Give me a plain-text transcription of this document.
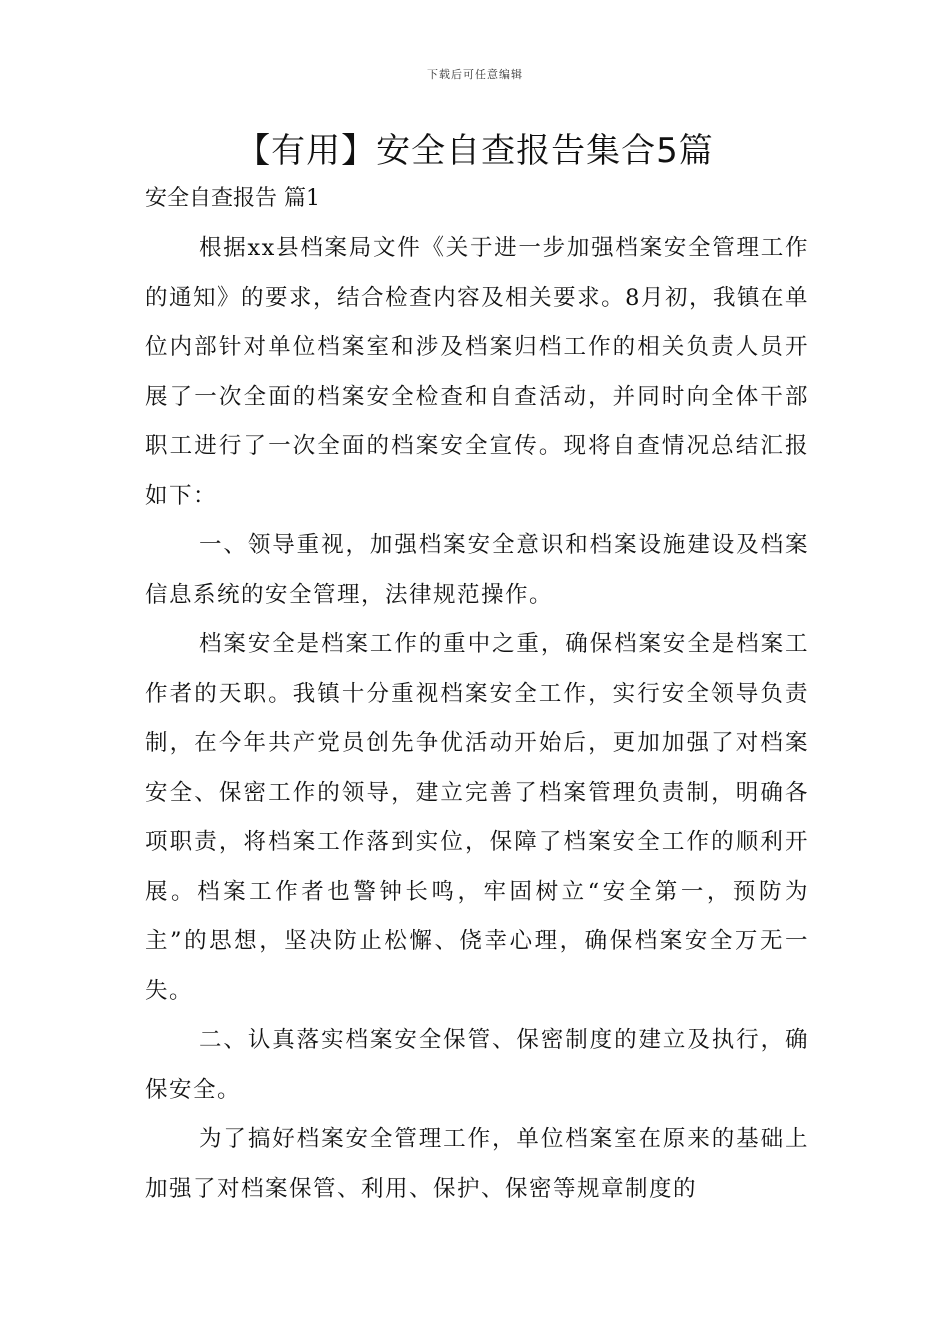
下载后可任意编辑
【有用】安全自查报告集合5篇
安全自查报告 篇1

根据xx县档案局文件《关于进一步加强档案安全管理工作的通知》的要求，结合检查内容及相关要求。8月初，我镇在单位内部针对单位档案室和涉及档案归档工作的相关负责人员开展了一次全面的档案安全检查和自查活动，并同时向全体干部职工进行了一次全面的档案安全宣传。现将自查情况总结汇报如下：

一、领导重视，加强档案安全意识和档案设施建设及档案信息系统的安全管理，法律规范操作。

档案安全是档案工作的重中之重，确保档案安全是档案工作者的天职。我镇十分重视档案安全工作，实行安全领导负责制，在今年共产党员创先争优活动开始后，更加加强了对档案安全、保密工作的领导，建立完善了档案管理负责制，明确各项职责，将档案工作落到实位，保障了档案安全工作的顺利开展。档案工作者也警钟长鸣，牢固树立“安全第一，预防为主”的思想，坚决防止松懈、侥幸心理，确保档案安全万无一失。

二、认真落实档案安全保管、保密制度的建立及执行，确保安全。

为了搞好档案安全管理工作，单位档案室在原来的基础上加强了对档案保管、利用、保护、保密等规章制度的
